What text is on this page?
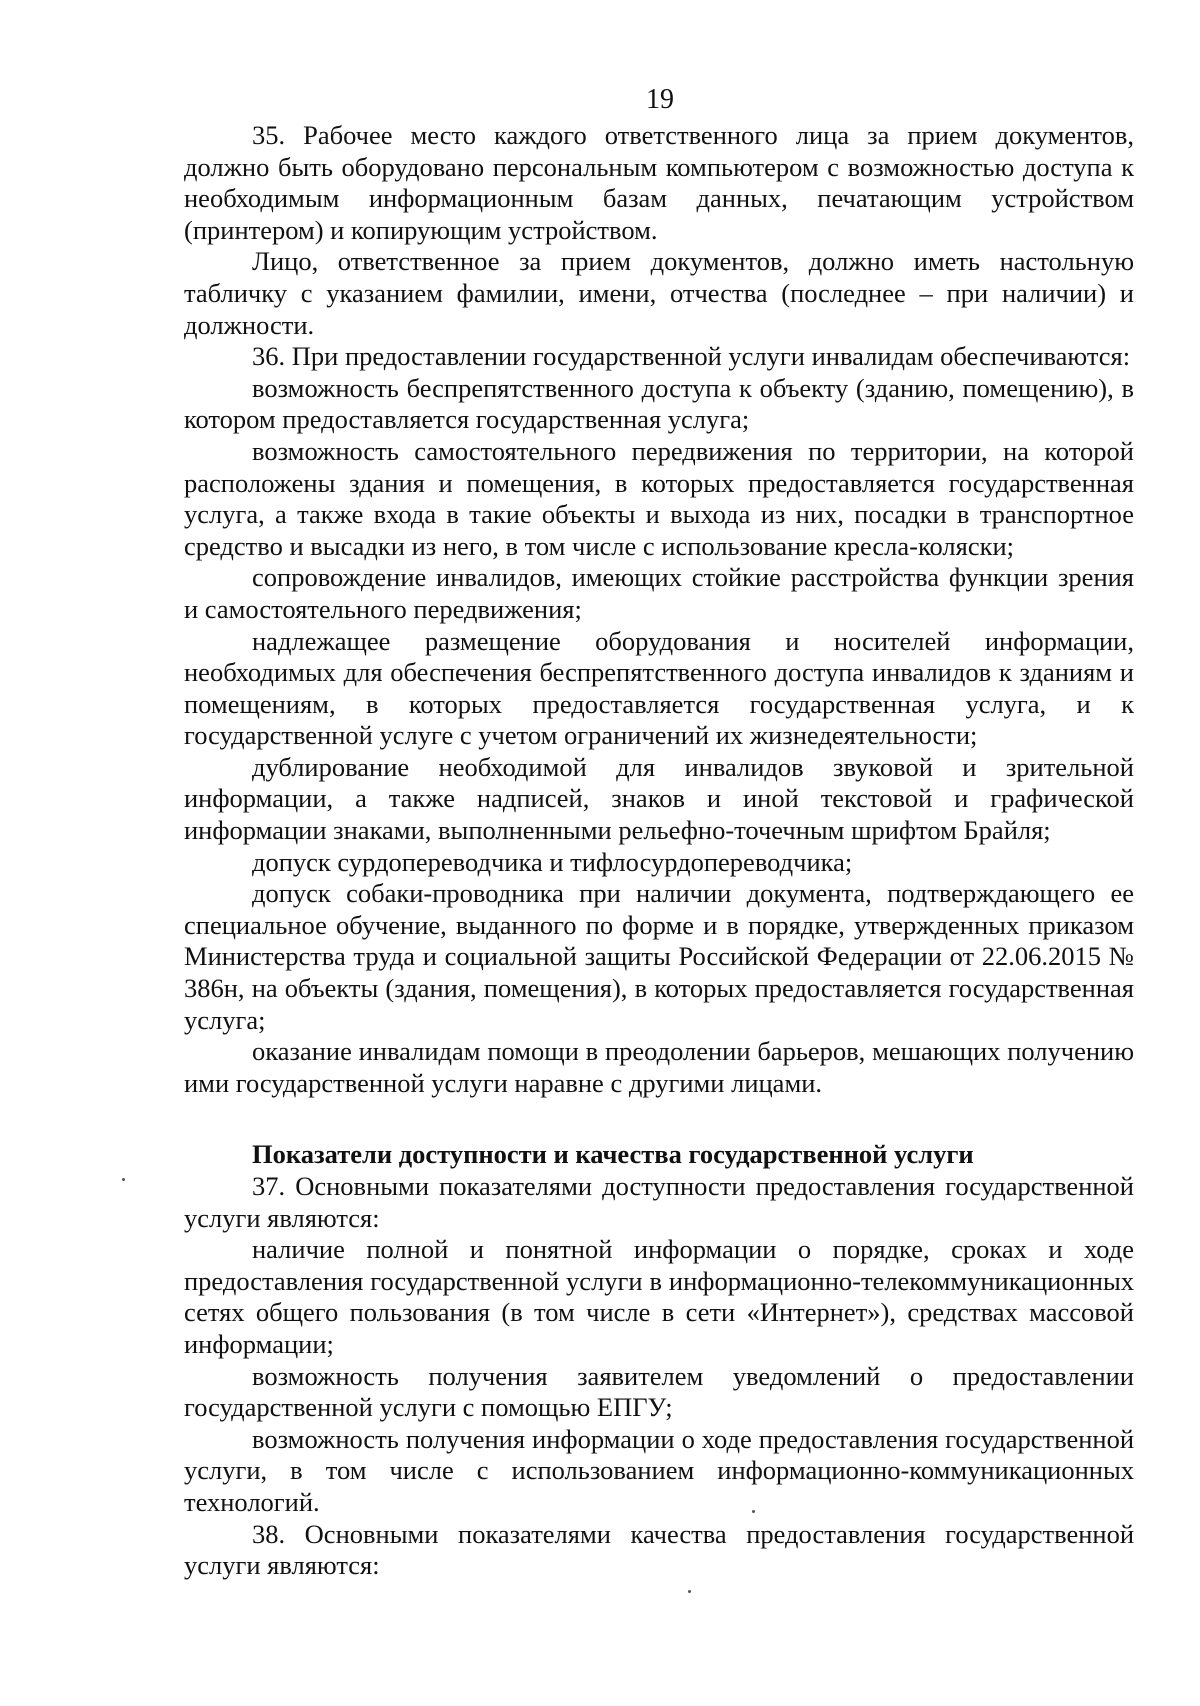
19

35. Рабочее место каждого ответственного лица за прием документов, должно быть оборудовано персональным компьютером с возможностью доступа к необходимым информационным базам данных, печатающим устройством (принтером) и копирующим устройством.

Лицо, ответственное за прием документов, должно иметь настольную табличку с указанием фамилии, имени, отчества (последнее – при наличии) и должности.

36. При предоставлении государственной услуги инвалидам обеспечиваются:

возможность беспрепятственного доступа к объекту (зданию, помещению), в котором предоставляется государственная услуга;

возможность самостоятельного передвижения по территории, на которой расположены здания и помещения, в которых предоставляется государственная услуга, а также входа в такие объекты и выхода из них, посадки в транспортное средство и высадки из него, в том числе с использование кресла-коляски;

сопровождение инвалидов, имеющих стойкие расстройства функции зрения и самостоятельного передвижения;

надлежащее размещение оборудования и носителей информации, необходимых для обеспечения беспрепятственного доступа инвалидов к зданиям и помещениям, в которых предоставляется государственная услуга, и к государственной услуге с учетом ограничений их жизнедеятельности;

дублирование необходимой для инвалидов звуковой и зрительной информации, а также надписей, знаков и иной текстовой и графической информации знаками, выполненными рельефно-точечным шрифтом Брайля;

допуск сурдопереводчика и тифлосурдопереводчика;

допуск собаки-проводника при наличии документа, подтверждающего ее специальное обучение, выданного по форме и в порядке, утвержденных приказом Министерства труда и социальной защиты Российской Федерации от 22.06.2015 № 386н, на объекты (здания, помещения), в которых предоставляется государственная услуга;

оказание инвалидам помощи в преодолении барьеров, мешающих получению ими государственной услуги наравне с другими лицами.

Показатели доступности и качества государственной услуги

37. Основными показателями доступности предоставления государственной услуги являются:

наличие полной и понятной информации о порядке, сроках и ходе предоставления государственной услуги в информационно-телекоммуникационных сетях общего пользования (в том числе в сети «Интернет»), средствах массовой информации;

возможность получения заявителем уведомлений о предоставлении государственной услуги с помощью ЕПГУ;

возможность получения информации о ходе предоставления государственной услуги, в том числе с использованием информационно-коммуникационных технологий.

38. Основными показателями качества предоставления государственной услуги являются:
